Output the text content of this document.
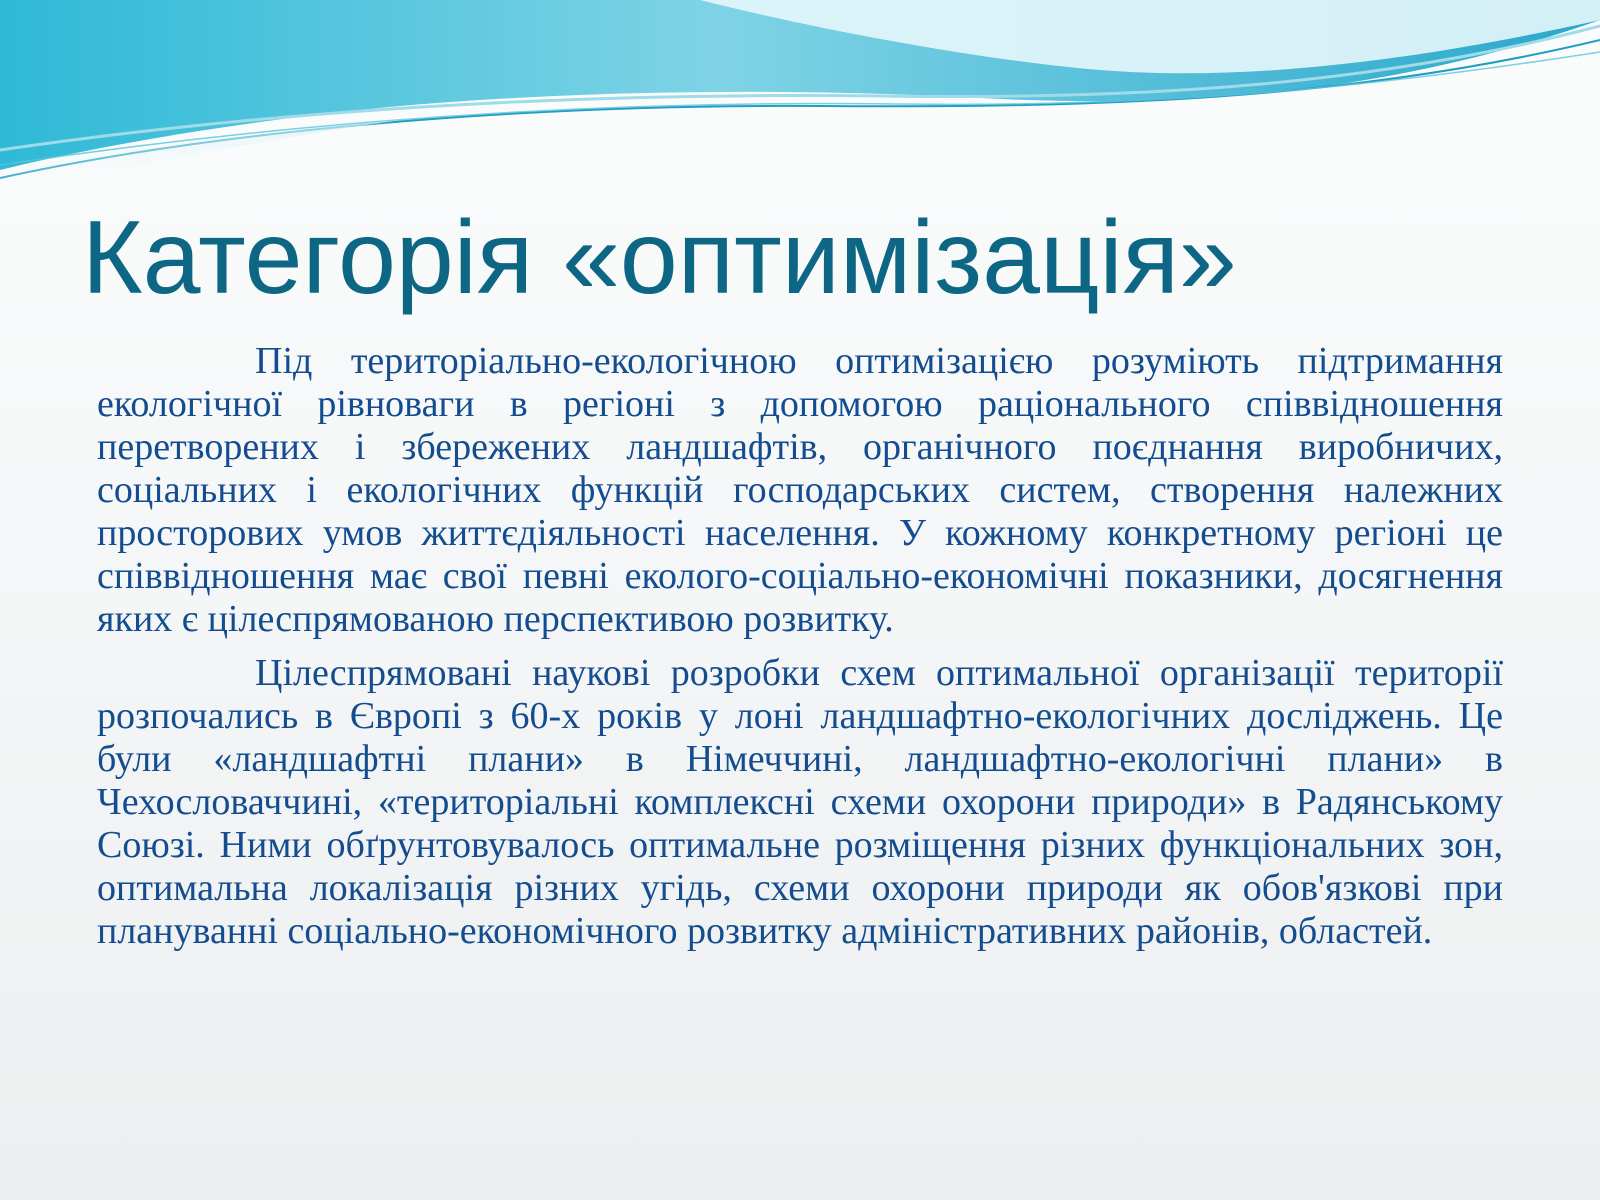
Категорія «оптимізація»

Під територіально-екологічною оптимізацією розуміють підтримання екологічної рівноваги в регіоні з допомогою раціонального співвідношення перетворених і збережених ландшафтів, органічного поєднання виробничих, соціальних і екологічних функцій господарських систем, створення належних просторових умов життєдіяльності населення. У кожному конкретному регіоні це співвідношення має свої певні еколого-соціально-економічні показники, досягнення яких є цілеспрямованою перспективою розвитку.

Цілеспрямовані наукові розробки схем оптимальної організації території розпочались в Європі з 60-х років у лоні ландшафтно-екологічних досліджень. Це були «ландшафтні плани» в Німеччині, ландшафтно-екологічні плани» в Чехословаччині, «територіальні комплексні схеми охорони природи» в Радянському Союзі. Ними обґрунтовувалось оптимальне розміщення різних функціональних зон, оптимальна локалізація різних угідь, схеми охорони природи як обов'язкові при плануванні соціально-економічного розвитку адміністративних районів, областей.
